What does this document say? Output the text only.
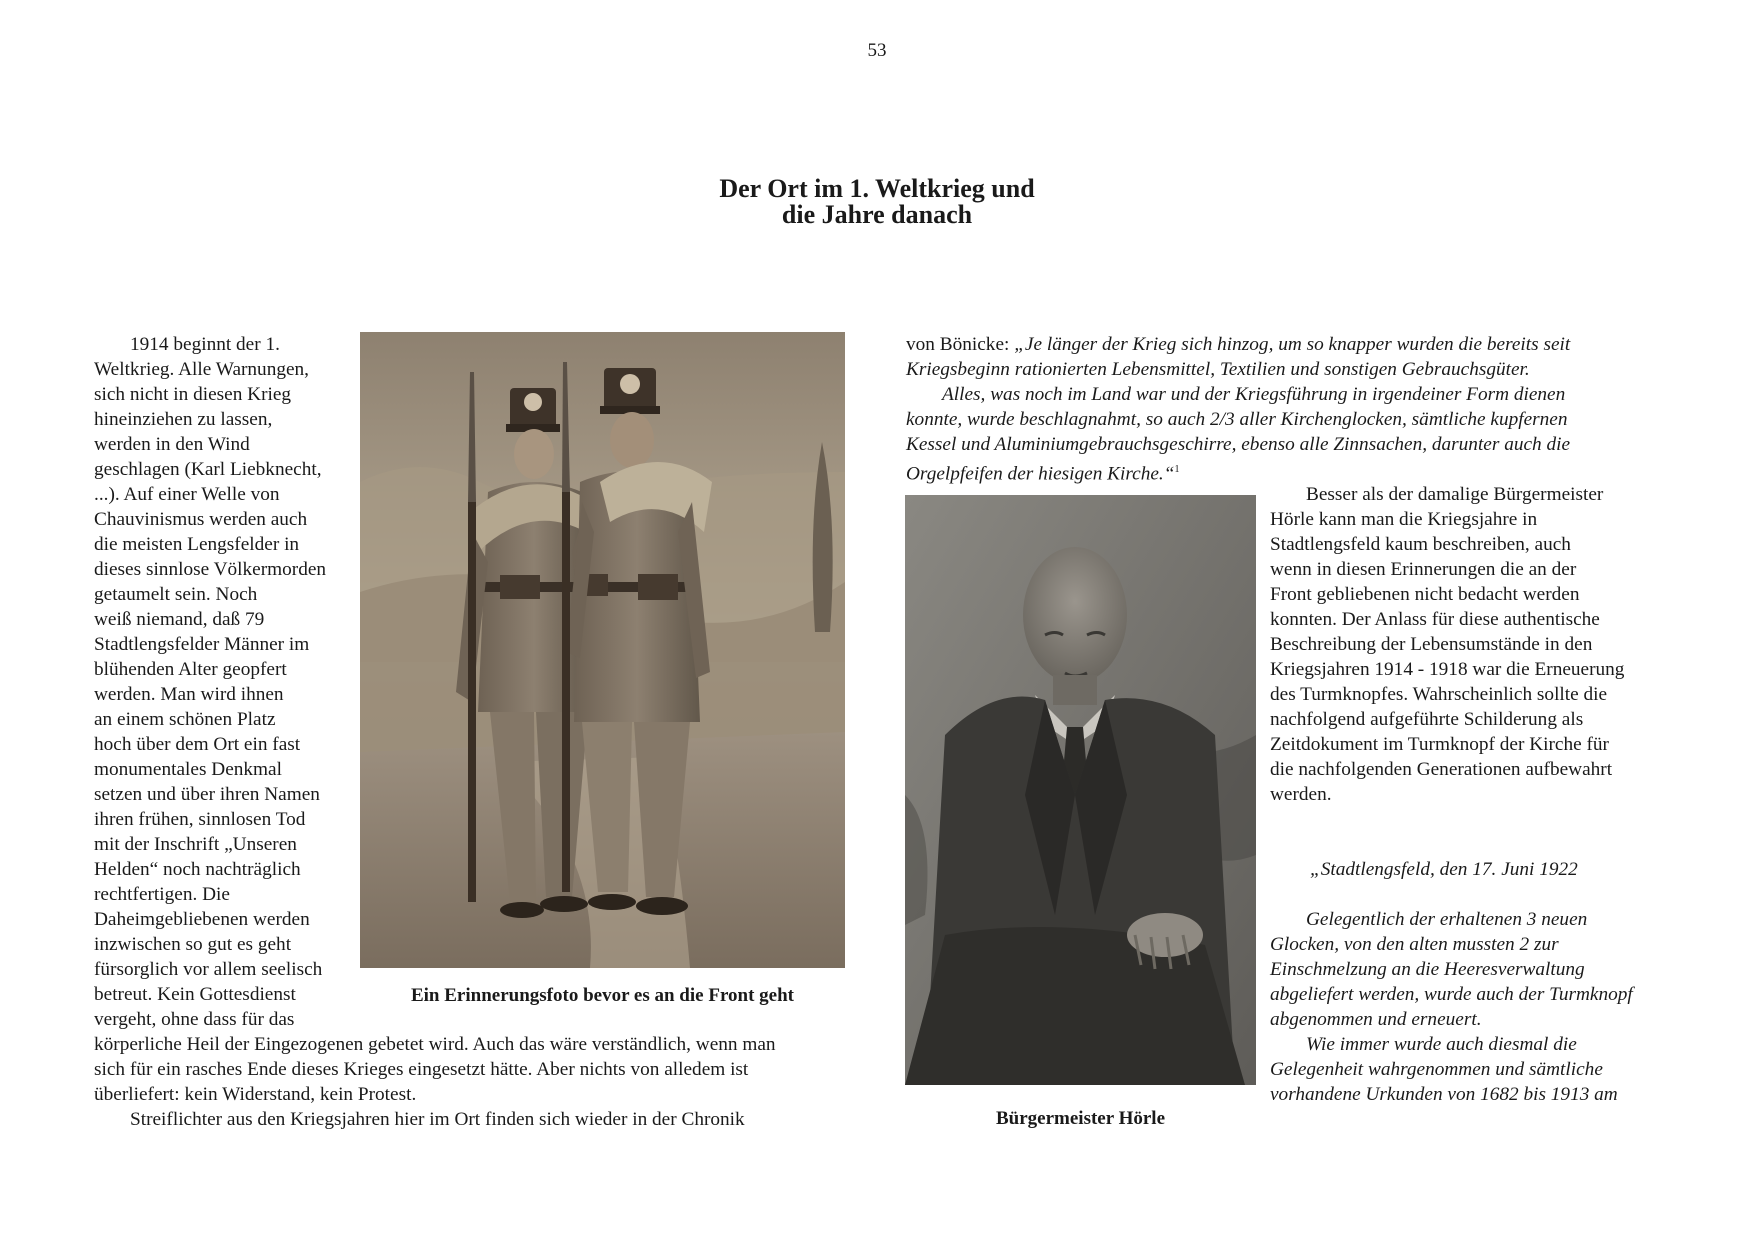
53
Der Ort im 1. Weltkrieg und
die Jahre danach
1914 beginnt der 1.
Weltkrieg. Alle Warnungen,
sich nicht in diesen Krieg
hineinziehen zu lassen,
werden in den Wind
geschlagen (Karl Liebknecht,
...). Auf einer Welle von
Chauvinismus werden auch
die meisten Lengsfelder in
dieses sinnlose Völkermorden
getaumelt sein. Noch
weiß niemand, daß 79
Stadtlengsfelder Männer im
blühenden Alter geopfert
werden. Man wird ihnen
an einem schönen Platz
hoch über dem Ort ein fast
monumentales Denkmal
setzen und über ihren Namen
ihren frühen, sinnlosen Tod
mit der Inschrift „Unseren
Helden“ noch nachträglich
rechtfertigen. Die
Daheimgebliebenen werden
inzwischen so gut es geht
fürsorglich vor allem seelisch
betreut. Kein Gottesdienst
vergeht, ohne dass für das
körperliche Heil der Eingezogenen gebetet wird. Auch das wäre verständlich, wenn man
sich für ein rasches Ende dieses Krieges eingesetzt hätte. Aber nichts von alledem ist
überliefert: kein Widerstand, kein Protest.
Streiflichter aus den Kriegsjahren hier im Ort finden sich wieder in der Chronik
Ein Erinnerungsfoto bevor es an die Front geht
von Bönicke: „Je länger der Krieg sich hinzog, um so knapper wurden die bereits seit
Kriegsbeginn rationierten Lebensmittel, Textilien und sonstigen Gebrauchsgüter.
Alles, was noch im Land war und der Kriegsführung in irgendeiner Form dienen
konnte, wurde beschlagnahmt, so auch 2/3 aller Kirchenglocken, sämtliche kupfernen
Kessel und Aluminiumgebrauchsgeschirre, ebenso alle Zinnsachen, darunter auch die
Orgelpfeifen der hiesigen Kirche.“$^1$
Bürgermeister Hörle
Besser als der damalige Bürgermeister
Hörle kann man die Kriegsjahre in
Stadtlengsfeld kaum beschreiben, auch
wenn in diesen Erinnerungen die an der
Front gebliebenen nicht bedacht werden
konnten. Der Anlass für diese authentische
Beschreibung der Lebensumstände in den
Kriegsjahren 1914 - 1918 war die Erneuerung
des Turmknopfes. Wahrscheinlich sollte die
nachfolgend aufgeführte Schilderung als
Zeitdokument im Turmknopf der Kirche für
die nachfolgenden Generationen aufbewahrt
werden.
„Stadtlengsfeld, den 17. Juni 1922
Gelegentlich der erhaltenen 3 neuen
Glocken, von den alten mussten 2 zur
Einschmelzung an die Heeresverwaltung
abgeliefert werden, wurde auch der Turmknopf
abgenommen und erneuert.
Wie immer wurde auch diesmal die
Gelegenheit wahrgenommen und sämtliche
vorhandene Urkunden von 1682 bis 1913 am
